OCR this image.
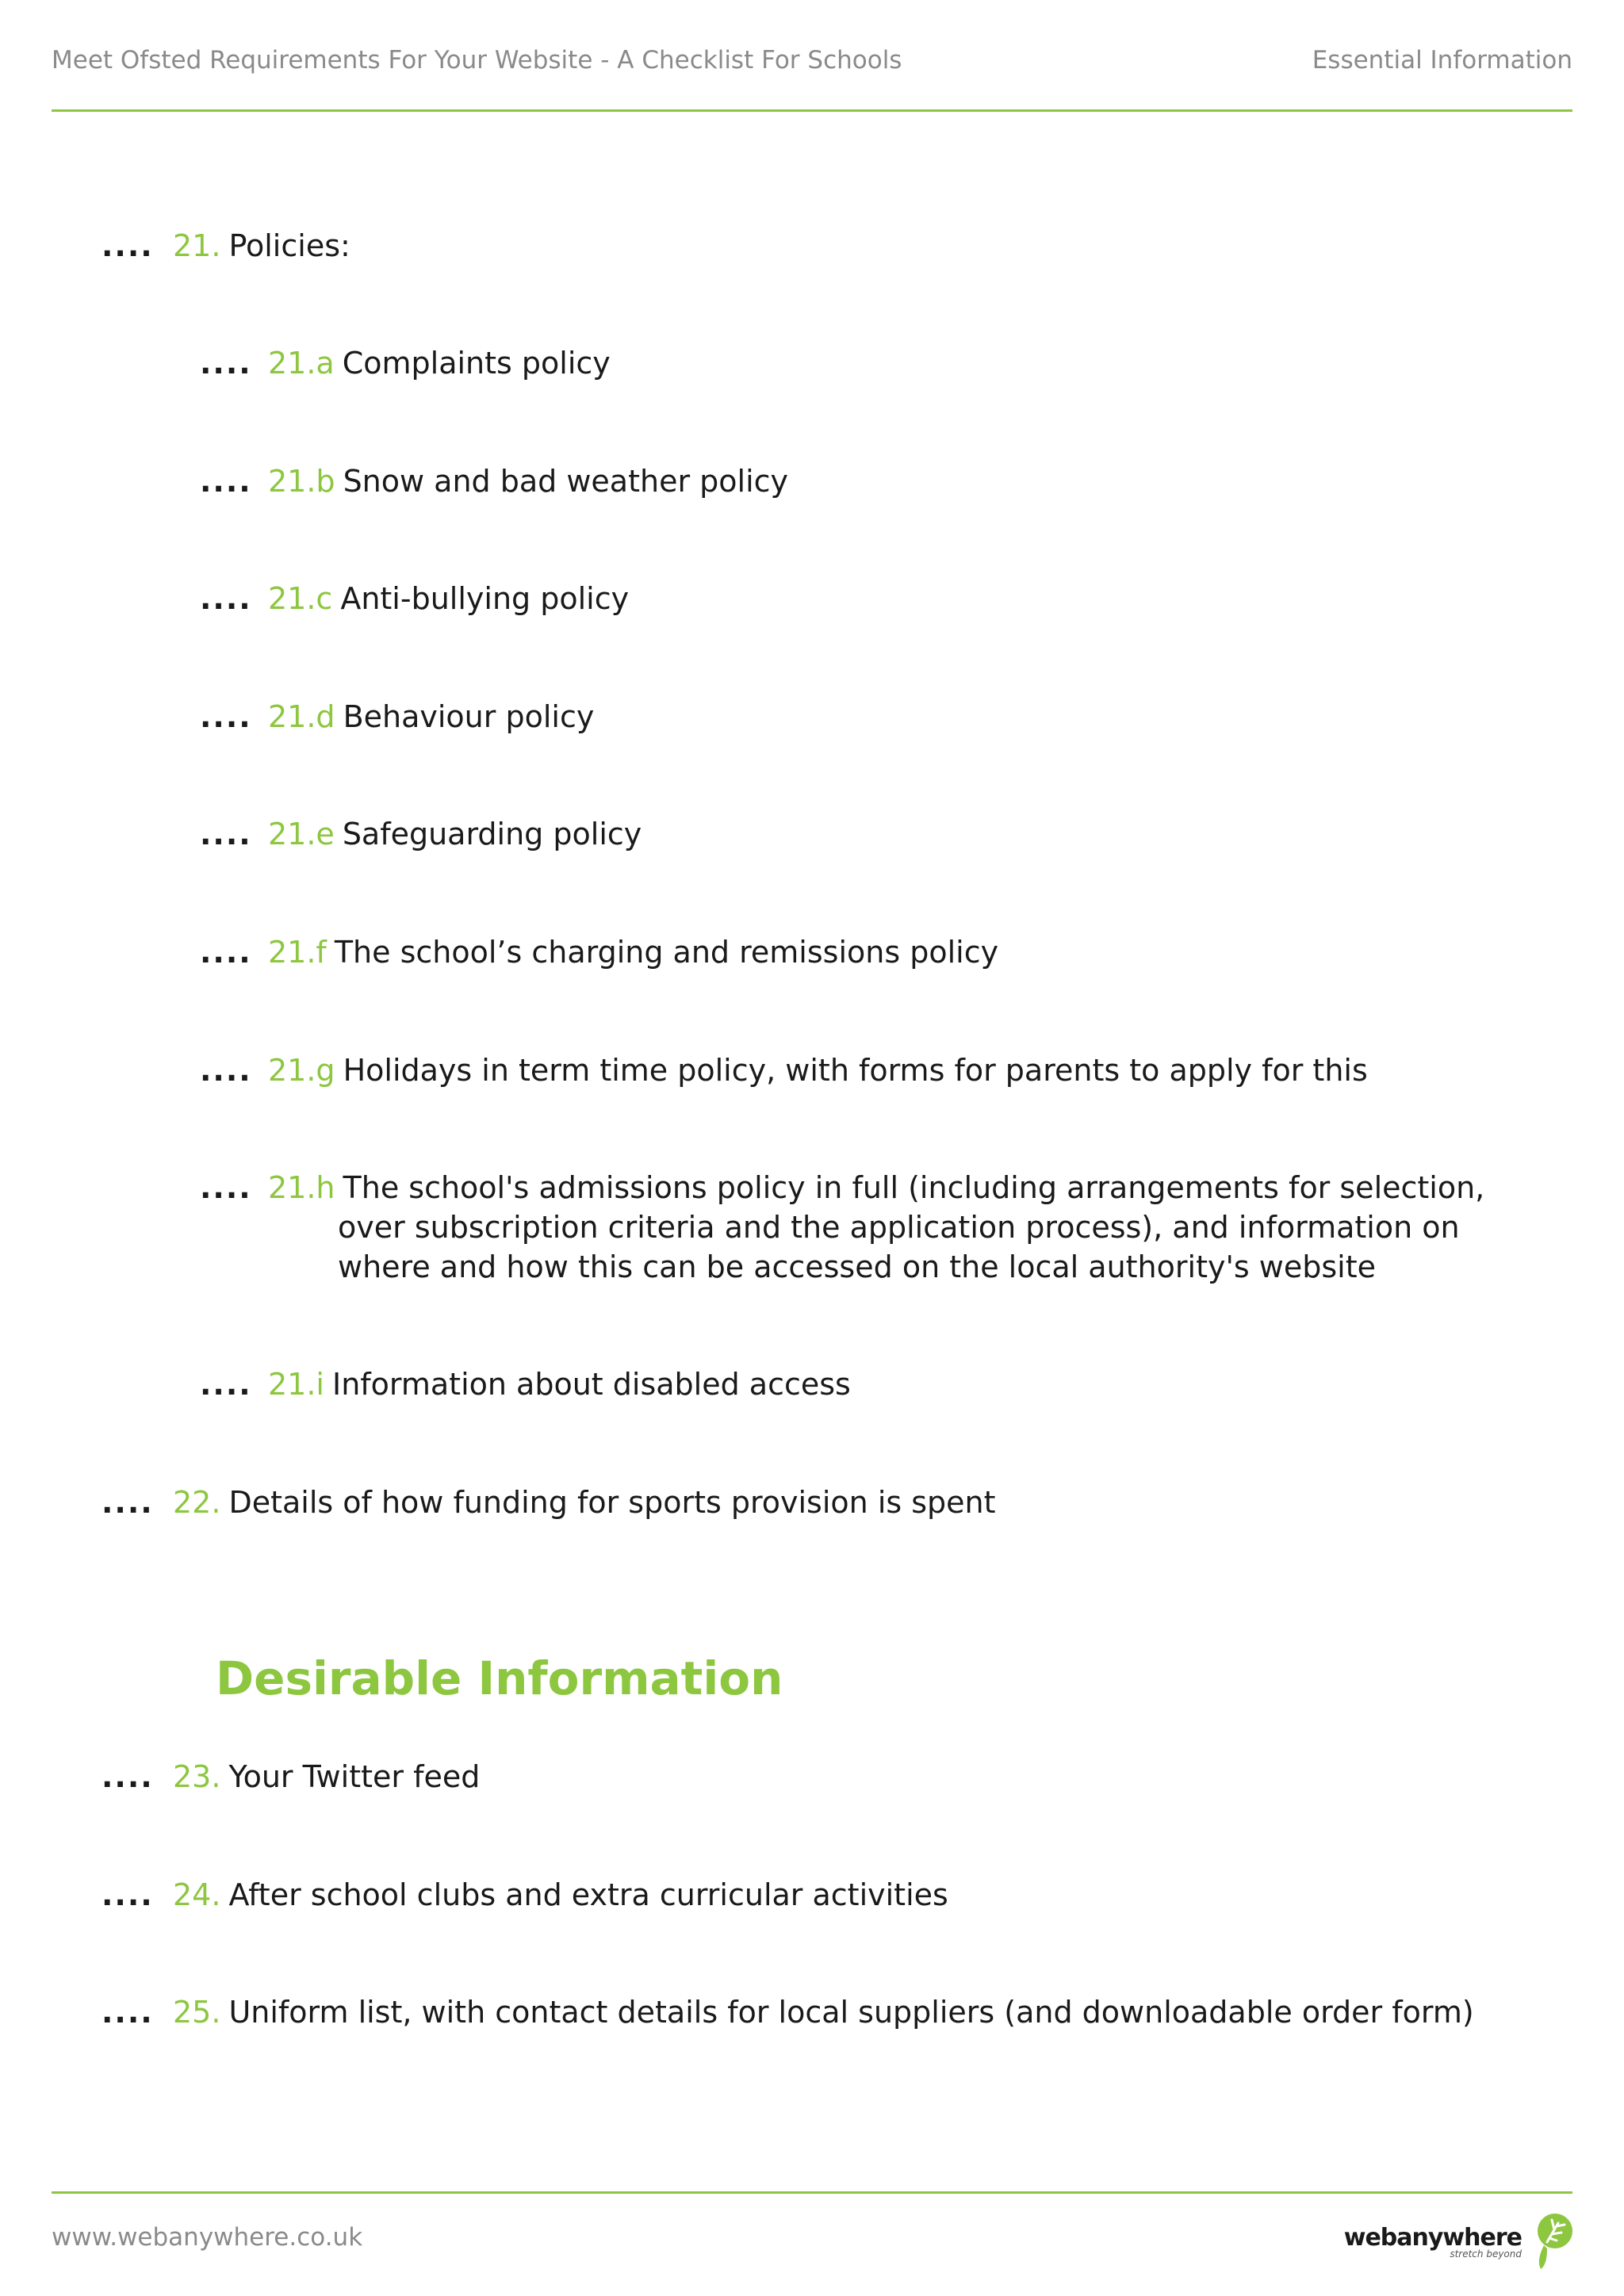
Meet Ofsted Requirements For Your Website - A Checklist For Schools	Essential Information
.... 21. Policies:
.... 21.a Complaints policy
.... 21.b Snow and bad weather policy
.... 21.c Anti-bullying policy
.... 21.d Behaviour policy
.... 21.e Safeguarding policy
.... 21.f The school’s charging and remissions policy
.... 21.g Holidays in term time policy, with forms for parents to apply for this
.... 21.h The school's admissions policy in full (including arrangements for selection,
over subscription criteria and the application process), and information on
where and how this can be accessed on the local authority's website
.... 21.i Information about disabled access
.... 22. Details of how funding for sports provision is spent
Desirable Information
.... 23. Your Twitter feed
.... 24. After school clubs and extra curricular activities
.... 25. Uniform list, with contact details for local suppliers (and downloadable order form)
www.webanywhere.co.uk	webanywhere
stretch beyond
